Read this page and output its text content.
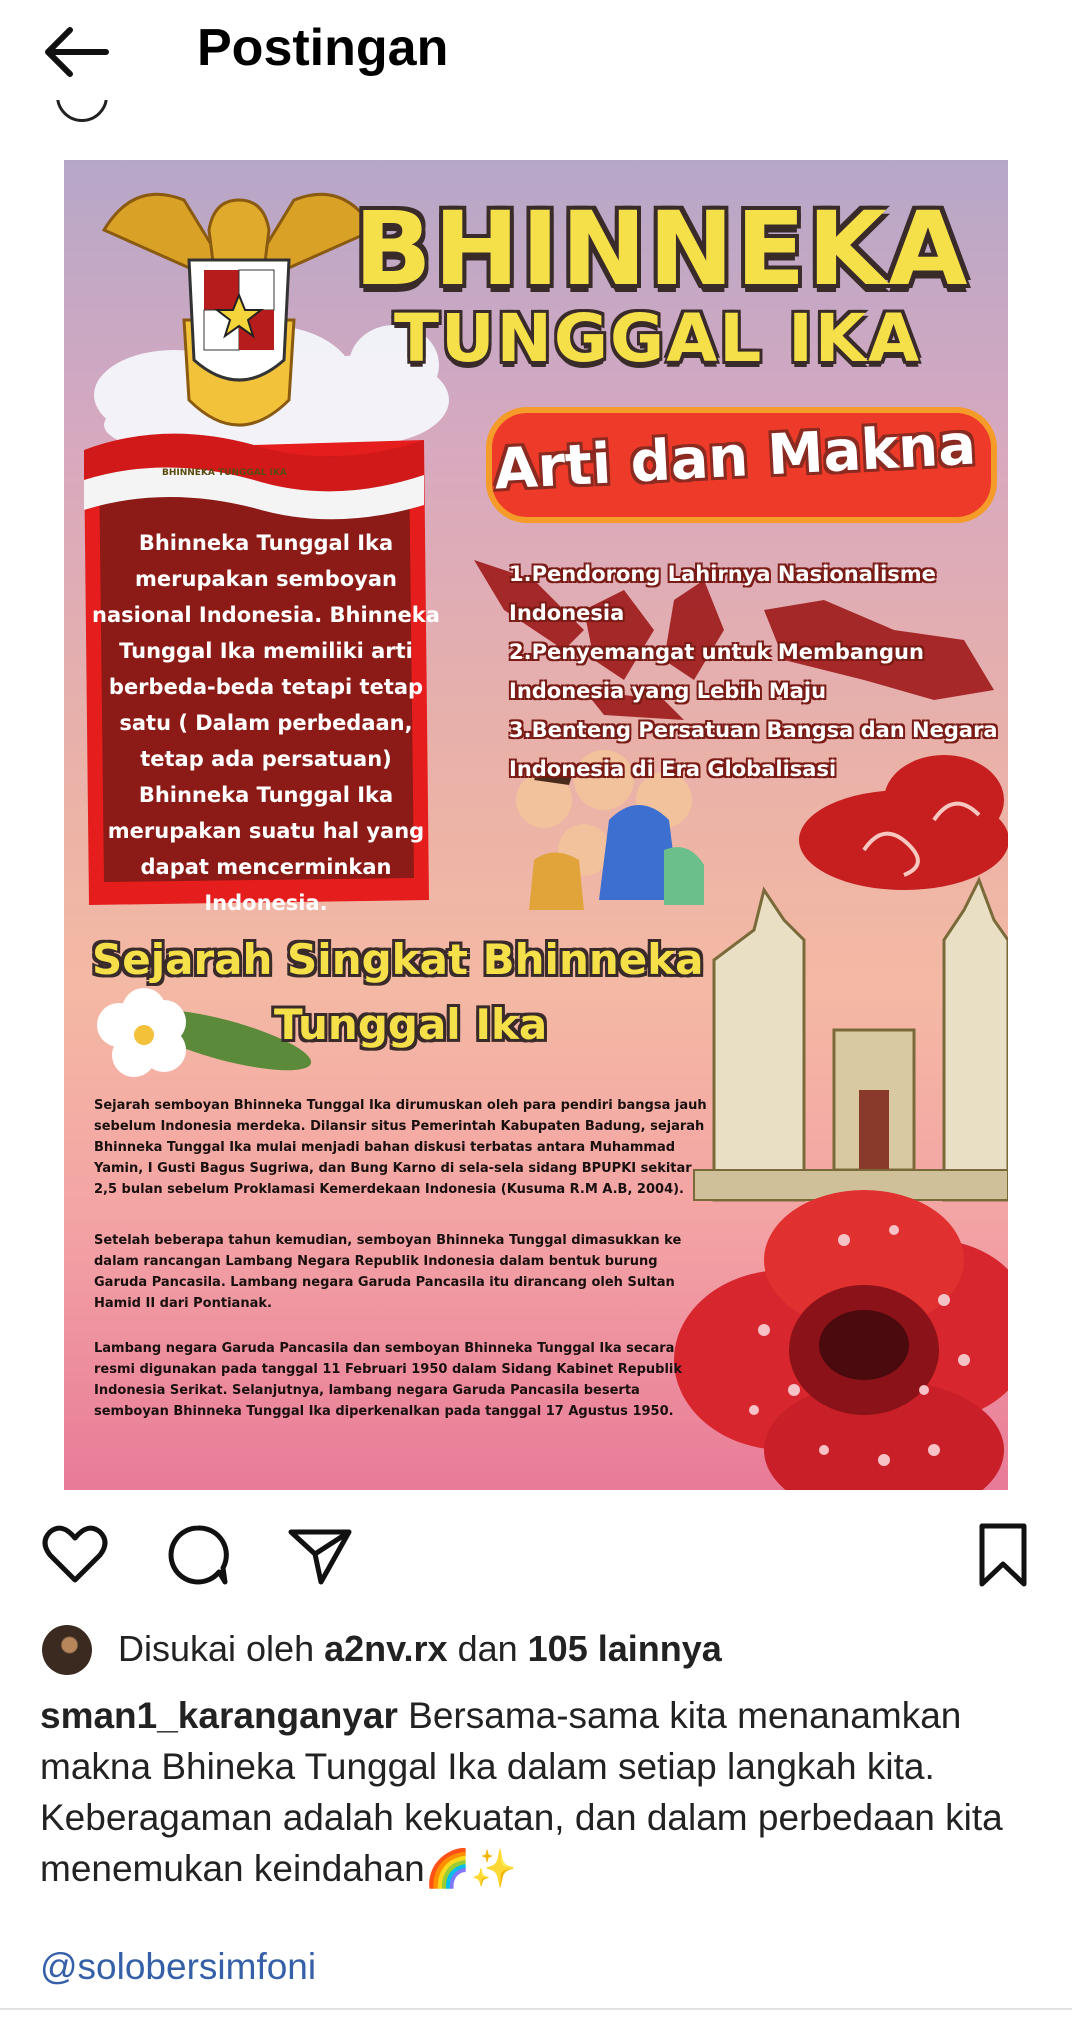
Postingan
BHINNEKA
TUNGGAL IKA
BHINNEKA TUNGGAL IKA	Arti dan Makna
Bhinneka Tunggal Ika merupakan semboyan nasional Indonesia. Bhinneka Tunggal Ika memiliki arti berbeda-beda tetapi tetap satu ( Dalam perbedaan, tetap ada persatuan) Bhinneka Tunggal Ika merupakan suatu hal yang dapat mencerminkan Indonesia.
1.Pendorong Lahirnya Nasionalisme Indonesia
2.Penyemangat untuk Membangun Indonesia yang Lebih Maju
3.Benteng Persatuan Bangsa dan Negara Indonesia di Era Globalisasi
Sejarah Singkat Bhinneka
Tunggal Ika
Sejarah semboyan Bhinneka Tunggal Ika dirumuskan oleh para pendiri bangsa jauh sebelum Indonesia merdeka. Dilansir situs Pemerintah Kabupaten Badung, sejarah Bhinneka Tunggal Ika mulai menjadi bahan diskusi terbatas antara Muhammad Yamin, I Gusti Bagus Sugriwa, dan Bung Karno di sela-sela sidang BPUPKI sekitar 2,5 bulan sebelum Proklamasi Kemerdekaan Indonesia (Kusuma R.M A.B, 2004).
Setelah beberapa tahun kemudian, semboyan Bhinneka Tunggal dimasukkan ke dalam rancangan Lambang Negara Republik Indonesia dalam bentuk burung Garuda Pancasila. Lambang negara Garuda Pancasila itu dirancang oleh Sultan Hamid II dari Pontianak.
Lambang negara Garuda Pancasila dan semboyan Bhinneka Tunggal Ika secara resmi digunakan pada tanggal 11 Februari 1950 dalam Sidang Kabinet Republik Indonesia Serikat. Selanjutnya, lambang negara Garuda Pancasila beserta semboyan Bhinneka Tunggal Ika diperkenalkan pada tanggal 17 Agustus 1950.
Disukai oleh a2nv.rx dan 105 lainnya
sman1_karanganyar Bersama-sama kita menanamkan makna Bhineka Tunggal Ika dalam setiap langkah kita. Keberagaman adalah kekuatan, dan dalam perbedaan kita menemukan keindahan🌈✨
@solobersimfoni
